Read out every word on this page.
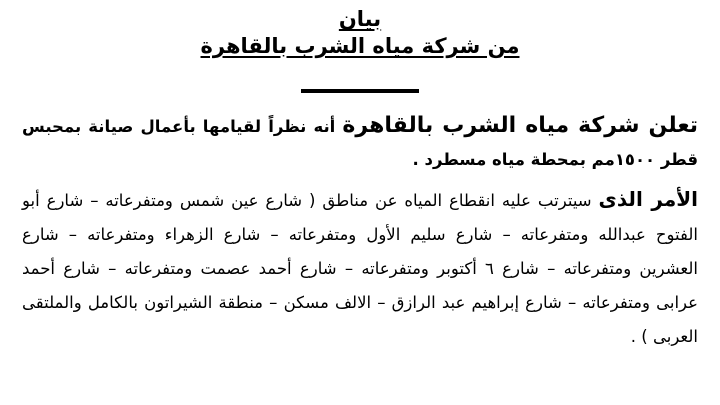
بيان
من شركة مياه الشرب بالقاهرة

تعلن شركة مياه الشرب بالقاهرة أنه نظراً لقيامها بأعمال صيانة بمحبس قطر ١٥٠٠مم بمحطة مياه مسطرد .

الأمر الذى سيترتب عليه انقطاع المياه عن مناطق ( شارع عين شمس ومتفرعاته – شارع أبو الفتوح عبدالله ومتفرعاته – شارع سليم الأول ومتفرعاته – شارع الزهراء ومتفرعاته – شارع العشرين ومتفرعاته – شارع ٦ أكتوبر ومتفرعاته – شارع أحمد عصمت ومتفرعاته – شارع أحمد عرابى ومتفرعاته – شارع إبراهيم عبد الرازق – الالف مسكن – منطقة الشيراتون بالكامل والملتقى العربى ) .
